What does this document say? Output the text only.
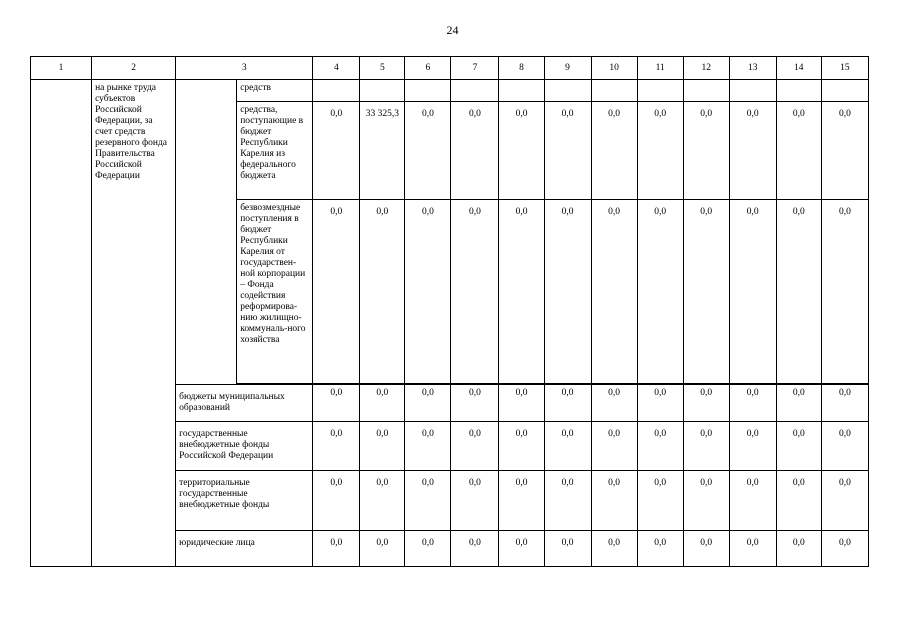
24
1	2	3		4	5	6	7	8	9	10	11	12	13	14	15
	на рынке труда субъектов Российской Федерации, за счет средств резервного фонда Правительства Российской Федерации		средств												
			средства, поступающие в бюджет Республики Карелия из федерального бюджета	0,0	33 325,3	0,0	0,0	0,0	0,0	0,0	0,0	0,0	0,0	0,0	0,0
			безвозмездные поступления в бюджет Республики Карелия от государствен-ной корпорации – Фонда содействия реформирова-нию жилищно-коммуналь-ного хозяйства	0,0	0,0	0,0	0,0	0,0	0,0	0,0	0,0	0,0	0,0	0,0	0,0

		бюджеты муниципальных образований		0,0	0,0	0,0	0,0	0,0	0,0	0,0	0,0	0,0	0,0	0,0	0,0
		государственные внебюджетные фонды Российской Федерации		0,0	0,0	0,0	0,0	0,0	0,0	0,0	0,0	0,0	0,0	0,0	0,0
		территориальные государственные внебюджетные фонды		0,0	0,0	0,0	0,0	0,0	0,0	0,0	0,0	0,0	0,0	0,0	0,0
		юридические лица		0,0	0,0	0,0	0,0	0,0	0,0	0,0	0,0	0,0	0,0	0,0	0,0
